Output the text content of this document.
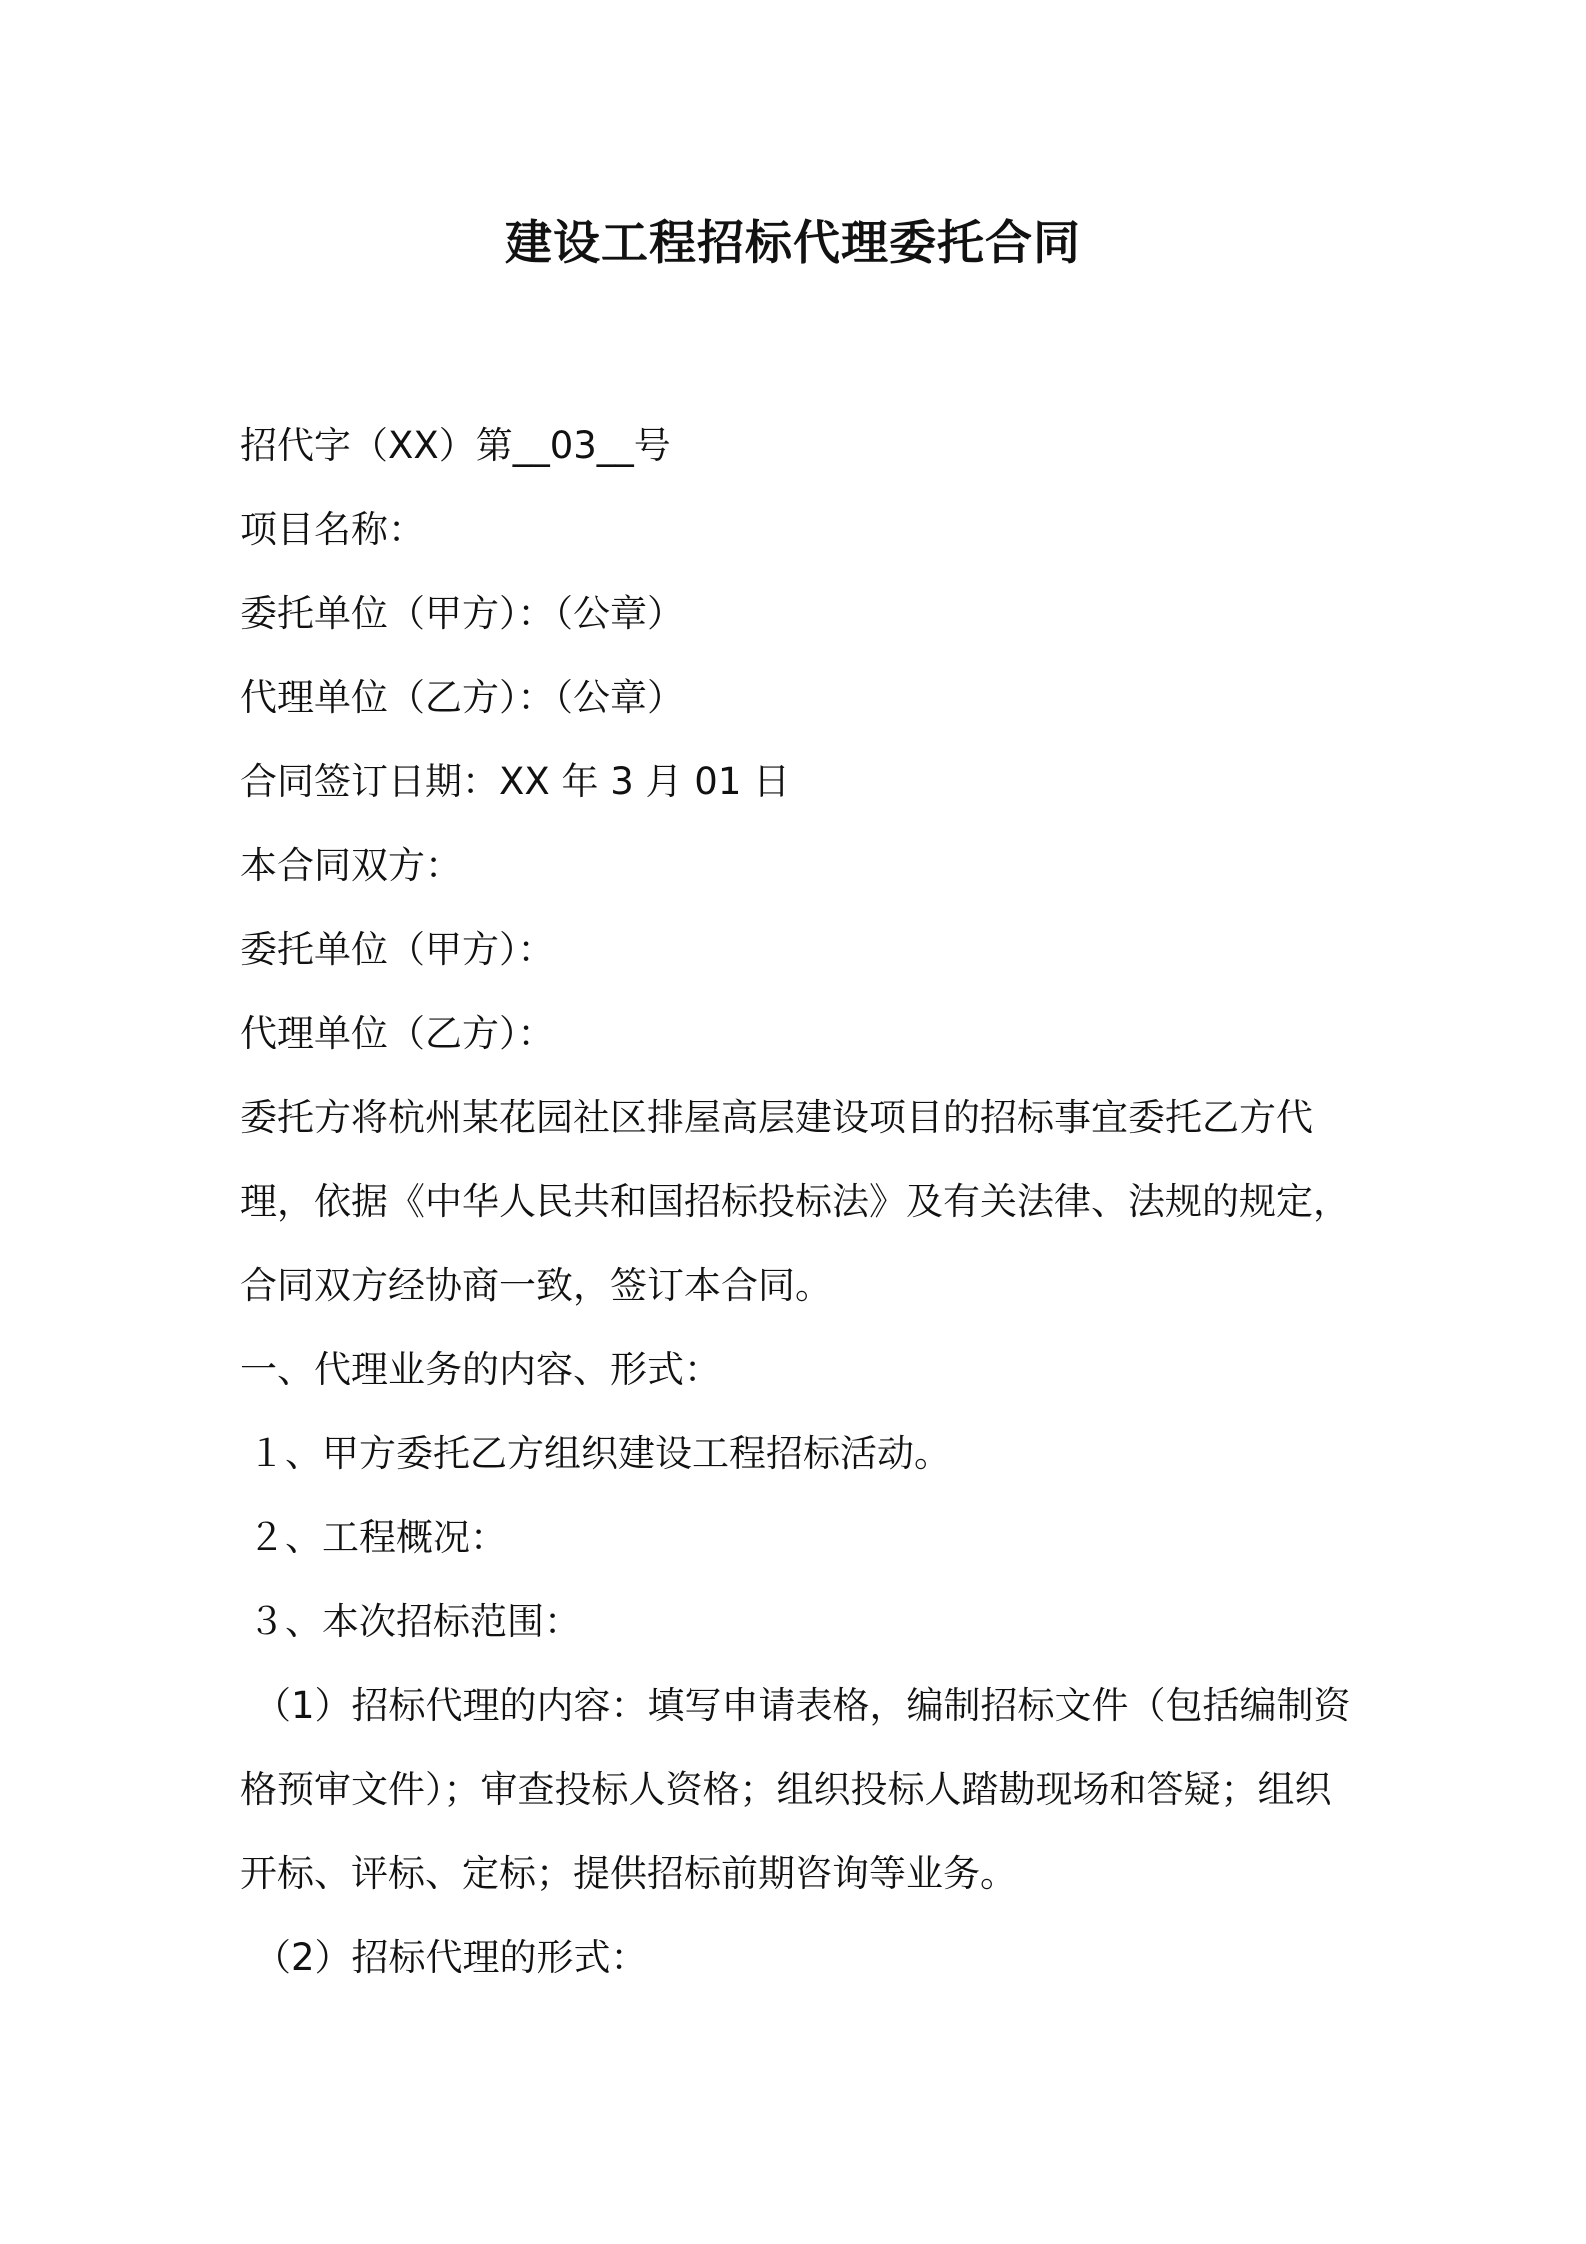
建设工程招标代理委托合同
招代字（XX）第__03__号
项目名称：
委托单位（甲方）：（公章）
代理单位（乙方）：（公章）
合同签订日期：XX 年 3 月 01 日
本合同双方：
委托单位（甲方）：
代理单位（乙方）：
委托方将杭州某花园社区排屋高层建设项目的招标事宜委托乙方代
理，依据《中华人民共和国招标投标法》及有关法律、法规的规定，
合同双方经协商一致，签订本合同。
一、代理业务的内容、形式：
１、甲方委托乙方组织建设工程招标活动。
２、工程概况：
３、本次招标范围：
（1）招标代理的内容：填写申请表格，编制招标文件（包括编制资
格预审文件）；审查投标人资格；组织投标人踏勘现场和答疑；组织
开标、评标、定标；提供招标前期咨询等业务。
（2）招标代理的形式：
